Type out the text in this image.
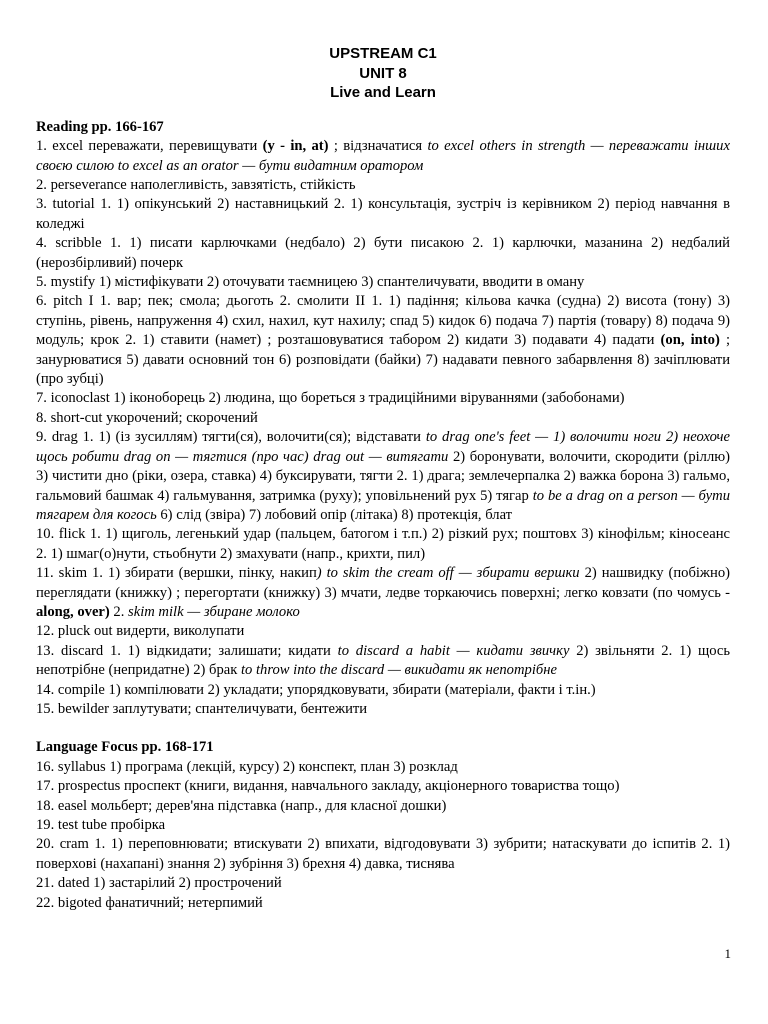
UPSTREAM C1
UNIT 8
Live and Learn
Reading pp. 166-167
1. excel переважати, перевищувати (у - in, at) ; відзначатися to excel others in strength — переважати інших своєю силою to excel as an orator — бути видатним оратором
2. perseverance наполегливість, завзятість, стійкість
3. tutorial 1. 1) опікунський 2) наставницький 2. 1) консультація, зустріч із керівником 2) період навчання в коледжі
4. scribble 1. 1) писати карлючками (недбало) 2) бути писакою 2. 1) карлючки, мазанина 2) недбалий (нерозбірливий) почерк
5. mystify 1) містифікувати 2) оточувати таємницею 3) спантеличувати, вводити в оману
6. pitch I 1. вар; пек; смола; дьоготь 2. смолити II 1. 1) падіння; кільова качка (судна) 2) висота (тону) 3) ступінь, рівень, напруження 4) схил, нахил, кут нахилу; спад 5) кидок 6) подача 7) партія (товару) 8) подача 9) модуль; крок 2. 1) ставити (намет) ; розташовуватися табором 2) кидати 3) подавати 4) падати (on, into) ; занурюватися 5) давати основний тон 6) розповідати (байки) 7) надавати певного забарвлення 8) зачіплювати (про зубці)
7. iconoclast 1) іконоборець 2) людина, що бореться з традиційними віруваннями (забобонами)
8. short-cut укорочений; скорочений
9. drag 1. 1) (із зусиллям) тягти(ся), волочити(ся); відставати to drag one's feet — 1) волочити ноги 2) неохоче щось робити drag on — тягтися (про час) drag out — витягати 2) боронувати, волочити, скородити (ріллю) 3) чистити дно (ріки, озера, ставка) 4) буксирувати, тягти 2. 1) драга; землечерпалка 2) важка борона 3) гальмо, гальмовий башмак 4) гальмування, затримка (руху); уповільнений рух 5) тягар to be a drag on a person — бути тягарем для когось 6) слід (звіра) 7) лобовий опір (літака) 8) протекція, блат
10. flick 1. 1) щиголь, легенький удар (пальцем, батогом і т.п.) 2) різкий рух; поштовх 3) кінофільм; кіносеанс 2. 1) шмаг(о)нути, стьобнути 2) змахувати (напр., крихти, пил)
11. skim 1. 1) збирати (вершки, пінку, накип) to skim the cream off — збирати вершки 2) нашвидку (побіжно) переглядати (книжку) ; перегортати (книжку) 3) мчати, ледве торкаючись поверхні; легко ковзати (по чомусь - along, over) 2. skim milk — збиране молоко
12. pluck out видерти, виколупати
13. discard 1. 1) відкидати; залишати; кидати to discard a habit — кидати звичку 2) звільняти 2. 1) щось непотрібне (непридатне) 2) брак to throw into the discard — викидати як непотрібне
14. compile 1) компілювати 2) укладати; упорядковувати, збирати (матеріали, факти і т.ін.)
15. bewilder заплутувати; спантеличувати, бентежити
Language Focus pp. 168-171
16. syllabus 1) програма (лекцій, курсу) 2) конспект, план 3) розклад
17. prospectus проспект (книги, видання, навчального закладу, акціонерного товариства тощо)
18. easel мольберт; дерев'яна підставка (напр., для класної дошки)
19. test tube пробірка
20. cram 1. 1) переповнювати; втискувати 2) впихати, відгодовувати 3) зубрити; натаскувати до іспитів 2. 1) поверхові (нахапані) знання 2) зубріння 3) брехня 4) давка, тиснява
21. dated 1) застарілий 2) прострочений
22. bigoted фанатичний; нетерпимий
1
